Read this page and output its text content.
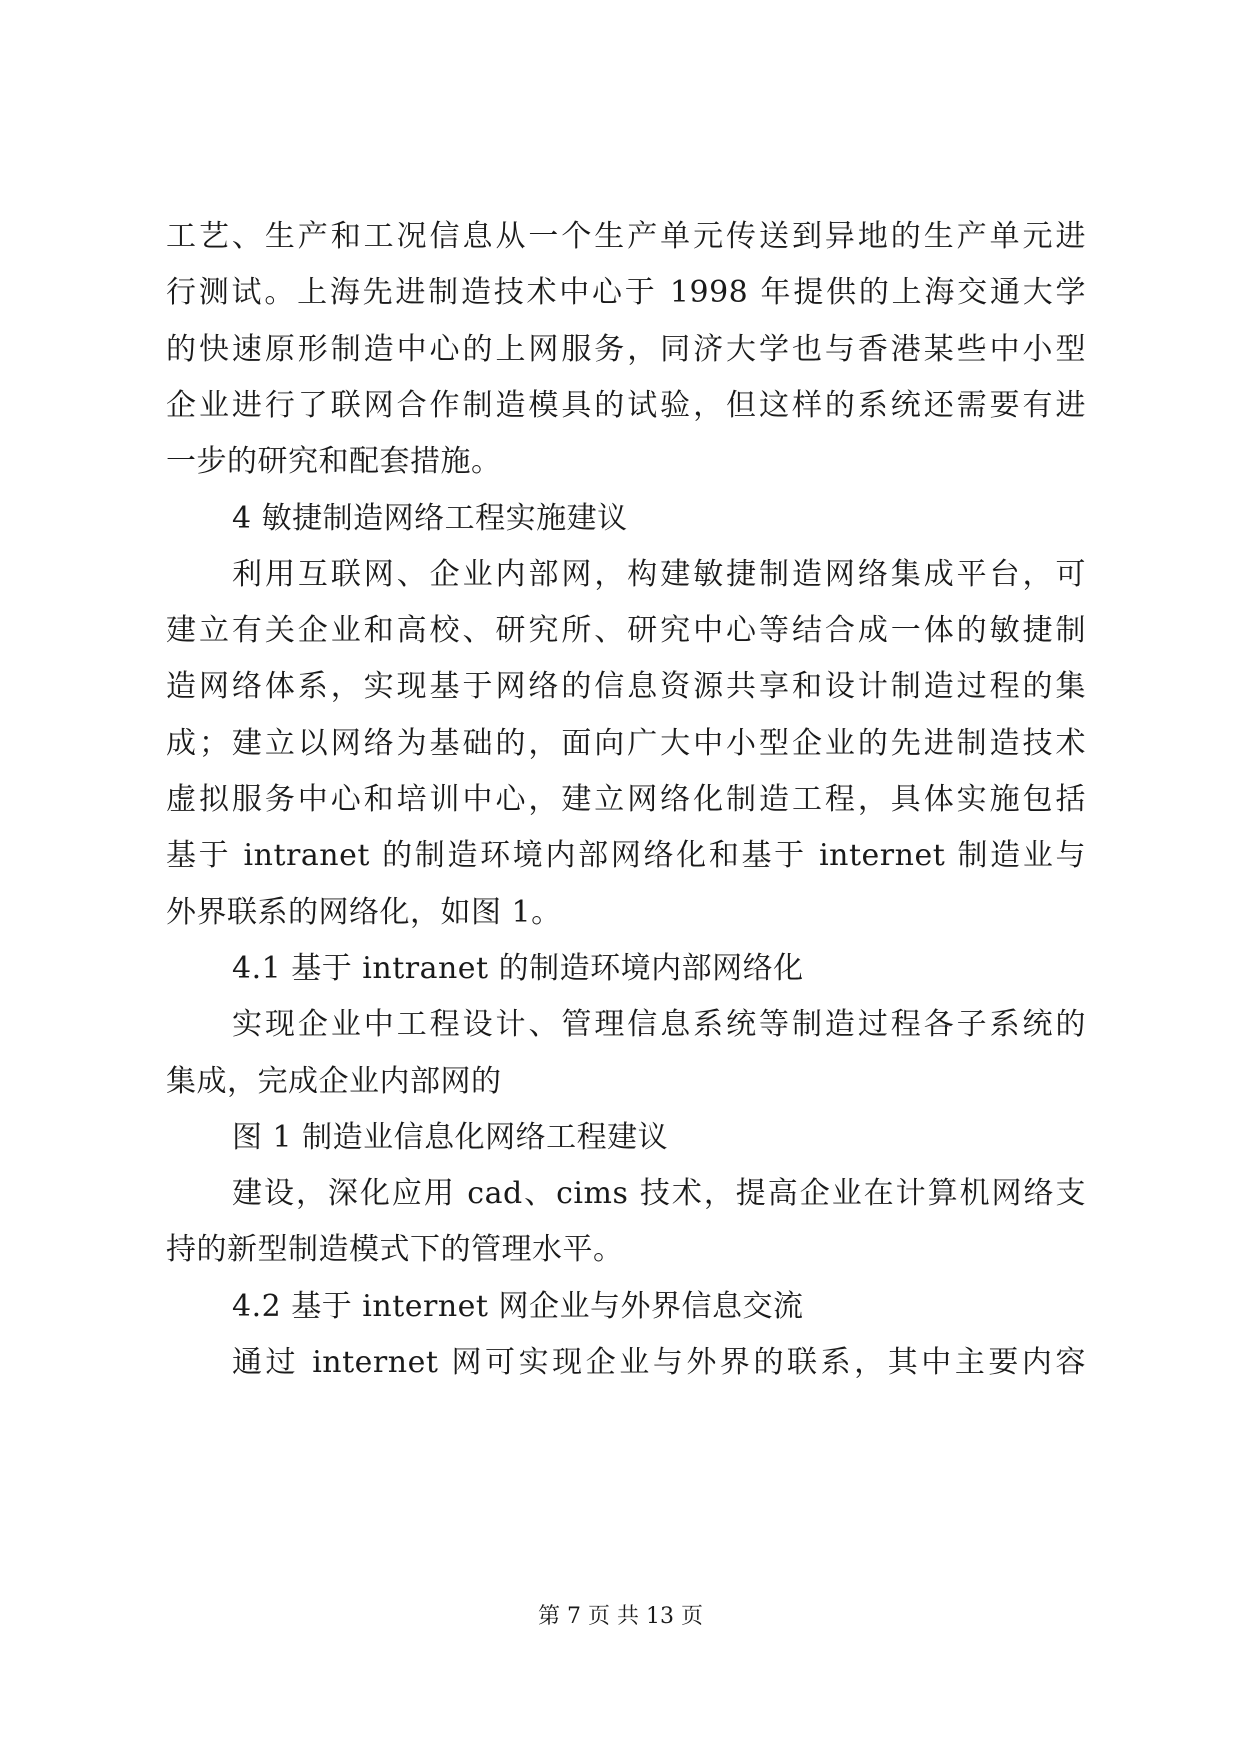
工艺、生产和工况信息从一个生产单元传送到异地的生产单元进
行测试。上海先进制造技术中心于 1998 年提供的上海交通大学
的快速原形制造中心的上网服务，同济大学也与香港某些中小型
企业进行了联网合作制造模具的试验，但这样的系统还需要有进
一步的研究和配套措施。
4 敏捷制造网络工程实施建议
利用互联网、企业内部网，构建敏捷制造网络集成平台，可
建立有关企业和高校、研究所、研究中心等结合成一体的敏捷制
造网络体系，实现基于网络的信息资源共享和设计制造过程的集
成；建立以网络为基础的，面向广大中小型企业的先进制造技术
虚拟服务中心和培训中心，建立网络化制造工程，具体实施包括
基于 intranet 的制造环境内部网络化和基于 internet 制造业与
外界联系的网络化，如图 1。
4.1 基于 intranet 的制造环境内部网络化
实现企业中工程设计、管理信息系统等制造过程各子系统的
集成，完成企业内部网的
图 1 制造业信息化网络工程建议
建设，深化应用 cad、cims 技术，提高企业在计算机网络支
持的新型制造模式下的管理水平。
4.2 基于 internet 网企业与外界信息交流
通过 internet 网可实现企业与外界的联系，其中主要内容
第 7 页 共 13 页
